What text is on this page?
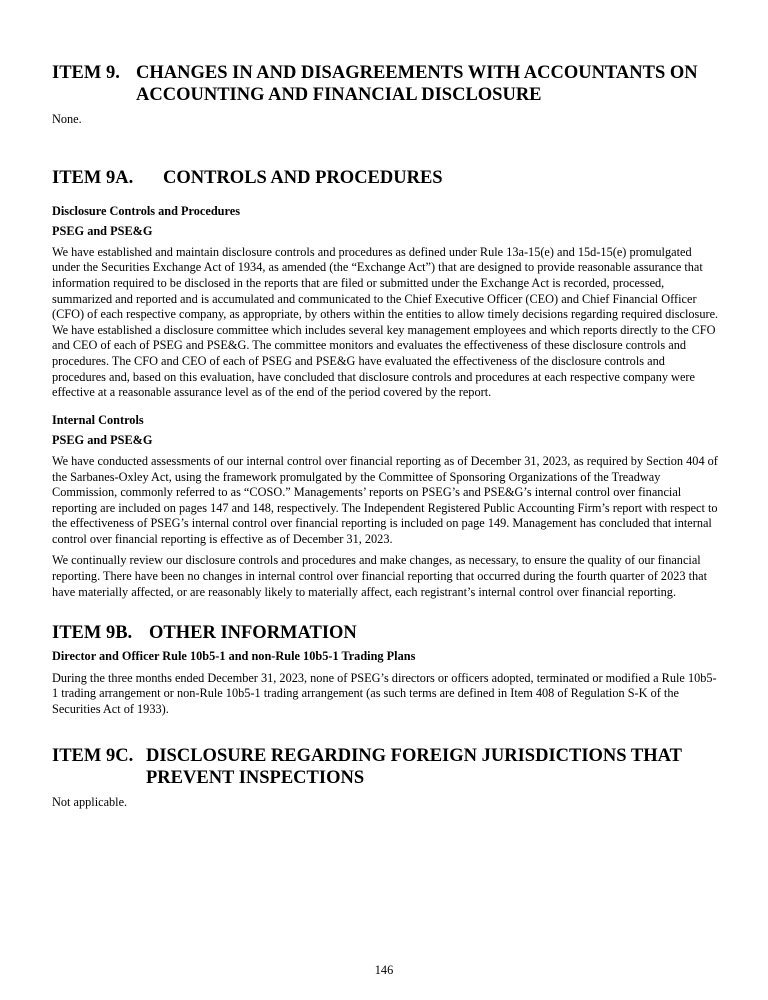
ITEM 9. CHANGES IN AND DISAGREEMENTS WITH ACCOUNTANTS ON ACCOUNTING AND FINANCIAL DISCLOSURE

None.

ITEM 9A.	CONTROLS AND PROCEDURES

Disclosure Controls and Procedures

PSEG and PSE&G

We have established and maintain disclosure controls and procedures as defined under Rule 13a-15(e) and 15d-15(e) promulgated under the Securities Exchange Act of 1934, as amended (the “Exchange Act”) that are designed to provide reasonable assurance that information required to be disclosed in the reports that are filed or submitted under the Exchange Act is recorded, processed, summarized and reported and is accumulated and communicated to the Chief Executive Officer (CEO) and Chief Financial Officer (CFO) of each respective company, as appropriate, by others within the entities to allow timely decisions regarding required disclosure. We have established a disclosure committee which includes several key management employees and which reports directly to the CFO and CEO of each of PSEG and PSE&G. The committee monitors and evaluates the effectiveness of these disclosure controls and procedures. The CFO and CEO of each of PSEG and PSE&G have evaluated the effectiveness of the disclosure controls and procedures and, based on this evaluation, have concluded that disclosure controls and procedures at each respective company were effective at a reasonable assurance level as of the end of the period covered by the report.

Internal Controls

PSEG and PSE&G

We have conducted assessments of our internal control over financial reporting as of December 31, 2023, as required by Section 404 of the Sarbanes-Oxley Act, using the framework promulgated by the Committee of Sponsoring Organizations of the Treadway Commission, commonly referred to as “COSO.” Managements’ reports on PSEG’s and PSE&G’s internal control over financial reporting are included on pages 147 and 148, respectively. The Independent Registered Public Accounting Firm’s report with respect to the effectiveness of PSEG’s internal control over financial reporting is included on page 149. Management has concluded that internal control over financial reporting is effective as of December 31, 2023.

We continually review our disclosure controls and procedures and make changes, as necessary, to ensure the quality of our financial reporting. There have been no changes in internal control over financial reporting that occurred during the fourth quarter of 2023 that have materially affected, or are reasonably likely to materially affect, each registrant’s internal control over financial reporting.

ITEM 9B. OTHER INFORMATION

Director and Officer Rule 10b5-1 and non-Rule 10b5-1 Trading Plans

During the three months ended December 31, 2023, none of PSEG’s directors or officers adopted, terminated or modified a Rule 10b5-1 trading arrangement or non-Rule 10b5-1 trading arrangement (as such terms are defined in Item 408 of Regulation S-K of the Securities Act of 1933).

ITEM 9C. DISCLOSURE REGARDING FOREIGN JURISDICTIONS THAT PREVENT INSPECTIONS

Not applicable.

146
